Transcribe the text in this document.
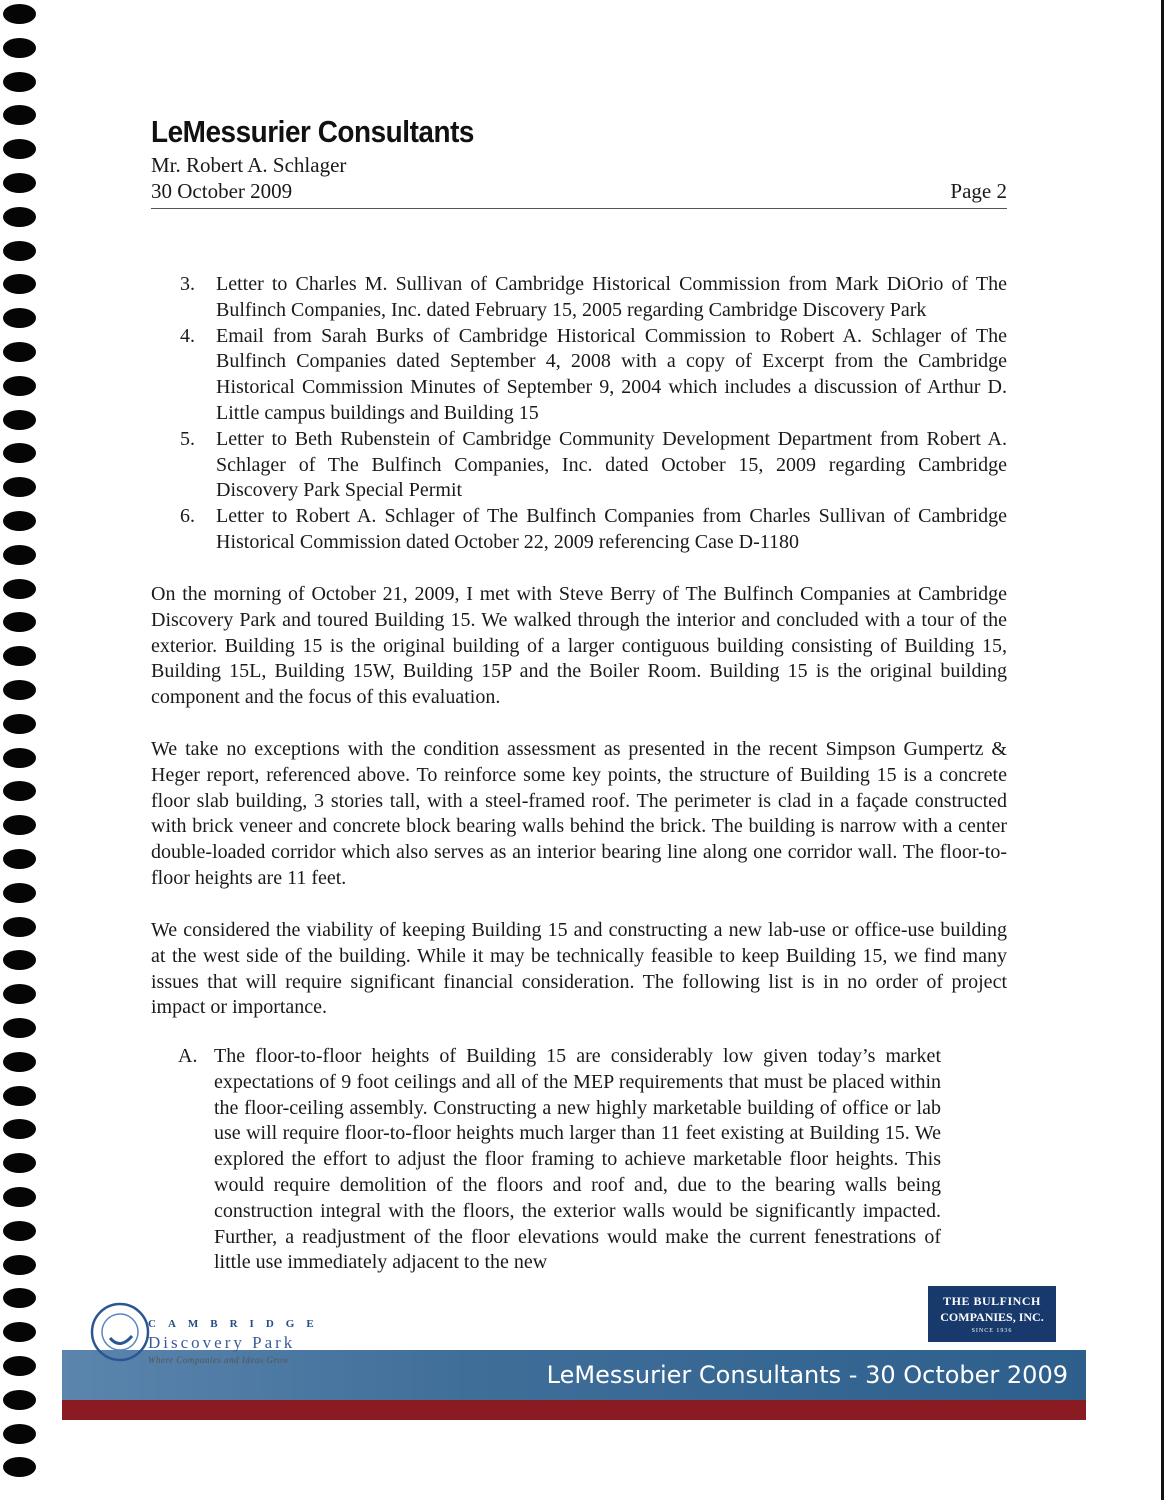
LeMessurier Consultants
Mr. Robert A. Schlager
30 October 2009	Page 2
3.	Letter to Charles M. Sullivan of Cambridge Historical Commission from Mark DiOrio of The Bulfinch Companies, Inc. dated February 15, 2005 regarding Cambridge Discovery Park
4.	Email from Sarah Burks of Cambridge Historical Commission to Robert A. Schlager of The Bulfinch Companies dated September 4, 2008 with a copy of Excerpt from the Cambridge Historical Commission Minutes of September 9, 2004 which includes a discussion of Arthur D. Little campus buildings and Building 15
5.	Letter to Beth Rubenstein of Cambridge Community Development Department from Robert A. Schlager of The Bulfinch Companies, Inc. dated October 15, 2009 regarding Cambridge Discovery Park Special Permit
6.	Letter to Robert A. Schlager of The Bulfinch Companies from Charles Sullivan of Cambridge Historical Commission dated October 22, 2009 referencing Case D-1180
On the morning of October 21, 2009, I met with Steve Berry of The Bulfinch Companies at Cambridge Discovery Park and toured Building 15. We walked through the interior and concluded with a tour of the exterior. Building 15 is the original building of a larger contiguous building consisting of Building 15, Building 15L, Building 15W, Building 15P and the Boiler Room. Building 15 is the original building component and the focus of this evaluation.
We take no exceptions with the condition assessment as presented in the recent Simpson Gumpertz & Heger report, referenced above. To reinforce some key points, the structure of Building 15 is a concrete floor slab building, 3 stories tall, with a steel-framed roof. The perimeter is clad in a façade constructed with brick veneer and concrete block bearing walls behind the brick. The building is narrow with a center double-loaded corridor which also serves as an interior bearing line along one corridor wall. The floor-to-floor heights are 11 feet.
We considered the viability of keeping Building 15 and constructing a new lab-use or office-use building at the west side of the building. While it may be technically feasible to keep Building 15, we find many issues that will require significant financial consideration. The following list is in no order of project impact or importance.
A. The floor-to-floor heights of Building 15 are considerably low given today’s market expectations of 9 foot ceilings and all of the MEP requirements that must be placed within the floor-ceiling assembly. Constructing a new highly marketable building of office or lab use will require floor-to-floor heights much larger than 11 feet existing at Building 15. We explored the effort to adjust the floor framing to achieve marketable floor heights. This would require demolition of the floors and roof and, due to the bearing walls being construction integral with the floors, the exterior walls would be significantly impacted. Further, a readjustment of the floor elevations would make the current fenestrations of little use immediately adjacent to the new
LeMessurier Consultants - 30 October 2009
CAMBRIDGE
Discovery Park
Where Companies and Ideas Grow
THE BULFINCH
COMPANIES, INC.
SINCE 1936
